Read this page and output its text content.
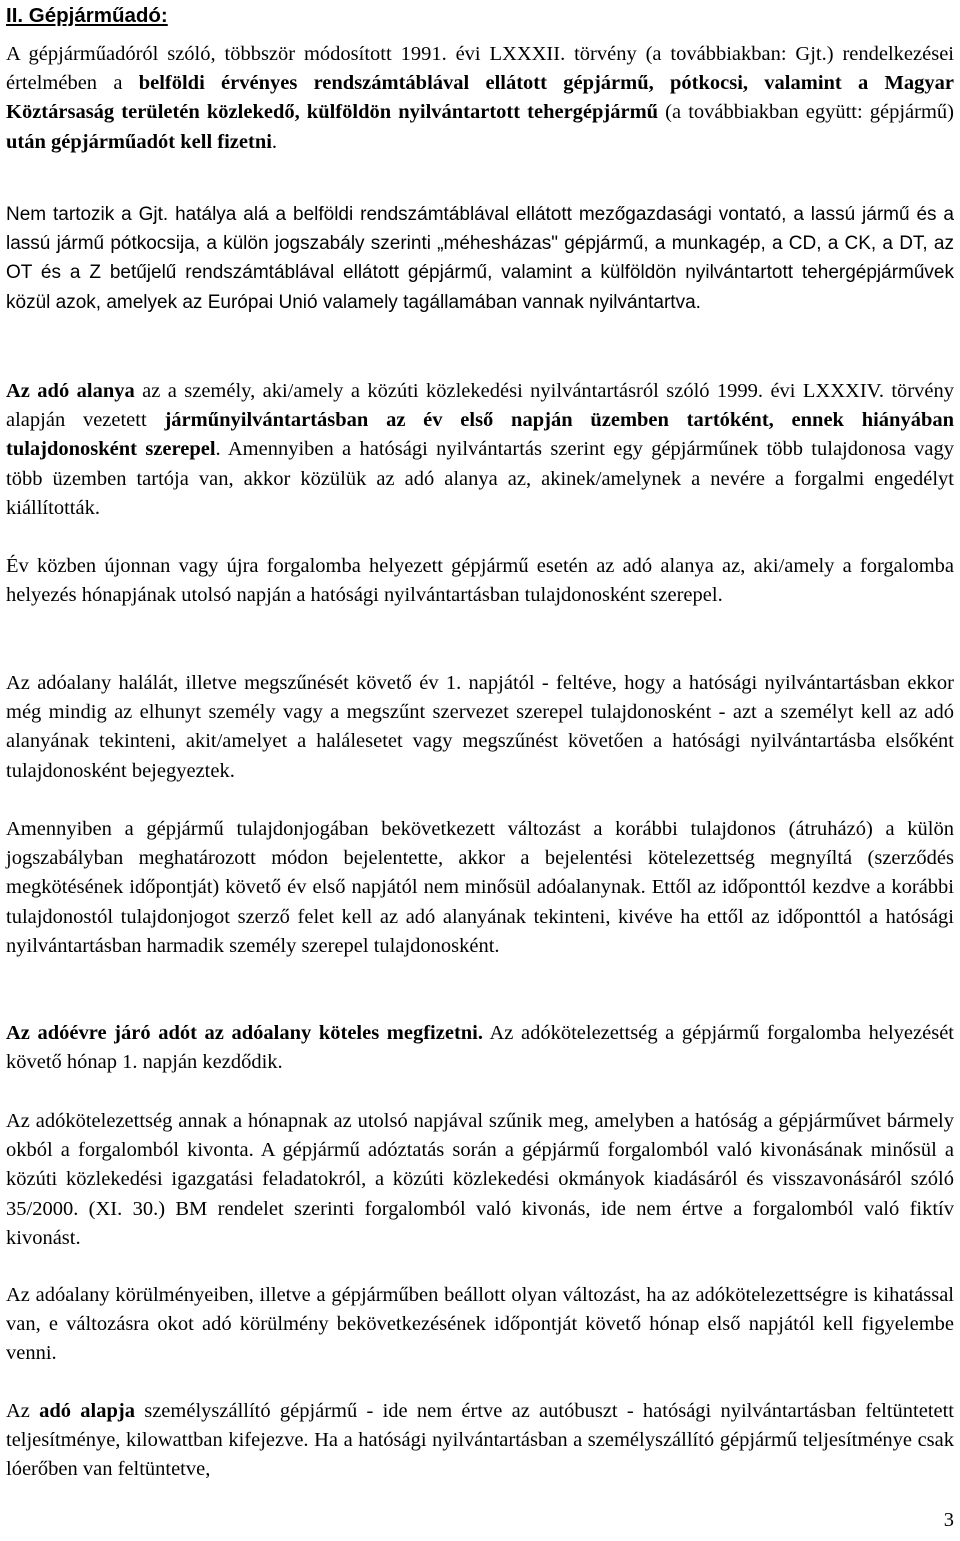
II. Gépjárműadó:

A gépjárműadóról szóló, többször módosított 1991. évi LXXXII. törvény (a továbbiakban: Gjt.) rendelkezései értelmében a belföldi érvényes rendszámtáblával ellátott gépjármű, pótkocsi, valamint a Magyar Köztársaság területén közlekedő, külföldön nyilvántartott tehergépjármű (a továbbiakban együtt: gépjármű) után gépjárműadót kell fizetni.

Nem tartozik a Gjt. hatálya alá a belföldi rendszámtáblával ellátott mezőgazdasági vontató, a lassú jármű és a lassú jármű pótkocsija, a külön jogszabály szerinti „méhesházas" gépjármű, a munkagép, a CD, a CK, a DT, az OT és a Z betűjelű rendszámtáblával ellátott gépjármű, valamint a külföldön nyilvántartott tehergépjárművek közül azok, amelyek az Európai Unió valamely tagállamában vannak nyilvántartva.

Az adó alanya az a személy, aki/amely a közúti közlekedési nyilvántartásról szóló 1999. évi LXXXIV. törvény alapján vezetett járműnyilvántartásban az év első napján üzemben tartóként, ennek hiányában tulajdonosként szerepel. Amennyiben a hatósági nyilvántartás szerint egy gépjárműnek több tulajdonosa vagy több üzemben tartója van, akkor közülük az adó alanya az, akinek/amelynek a nevére a forgalmi engedélyt kiállították.

Év közben újonnan vagy újra forgalomba helyezett gépjármű esetén az adó alanya az, aki/amely a forgalomba helyezés hónapjának utolsó napján a hatósági nyilvántartásban tulajdonosként szerepel.

Az adóalany halálát, illetve megszűnését követő év 1. napjától - feltéve, hogy a hatósági nyilvántartásban ekkor még mindig az elhunyt személy vagy a megszűnt szervezet szerepel tulajdonosként - azt a személyt kell az adó alanyának tekinteni, akit/amelyet a halálesetet vagy megszűnést követően a hatósági nyilvántartásba elsőként tulajdonosként bejegyeztek.

Amennyiben a gépjármű tulajdonjogában bekövetkezett változást a korábbi tulajdonos (átruházó) a külön jogszabályban meghatározott módon bejelentette, akkor a bejelentési kötelezettség megnyíltá (szerződés megkötésének időpontját) követő év első napjától nem minősül adóalanynak. Ettől az időponttól kezdve a korábbi tulajdonostól tulajdonjogot szerző felet kell az adó alanyának tekinteni, kivéve ha ettől az időponttól a hatósági nyilvántartásban harmadik személy szerepel tulajdonosként.

Az adóévre járó adót az adóalany köteles megfizetni. Az adókötelezettség a gépjármű forgalomba helyezését követő hónap 1. napján kezdődik.

Az adókötelezettség annak a hónapnak az utolsó napjával szűnik meg, amelyben a hatóság a gépjárművet bármely okból a forgalomból kivonta. A gépjármű adóztatás során a gépjármű forgalomból való kivonásának minősül a közúti közlekedési igazgatási feladatokról, a közúti közlekedési okmányok kiadásáról és visszavonásáról szóló 35/2000. (XI. 30.) BM rendelet szerinti forgalomból való kivonás, ide nem értve a forgalomból való fiktív kivonást.

Az adóalany körülményeiben, illetve a gépjárműben beállott olyan változást, ha az adókötelezettségre is kihatással van, e változásra okot adó körülmény bekövetkezésének időpontját követő hónap első napjától kell figyelembe venni.

Az adó alapja személyszállító gépjármű - ide nem értve az autóbuszt - hatósági nyilvántartásban feltüntetett teljesítménye, kilowattban kifejezve. Ha a hatósági nyilvántartásban a személyszállító gépjármű teljesítménye csak lóerőben van feltüntetve,

3
